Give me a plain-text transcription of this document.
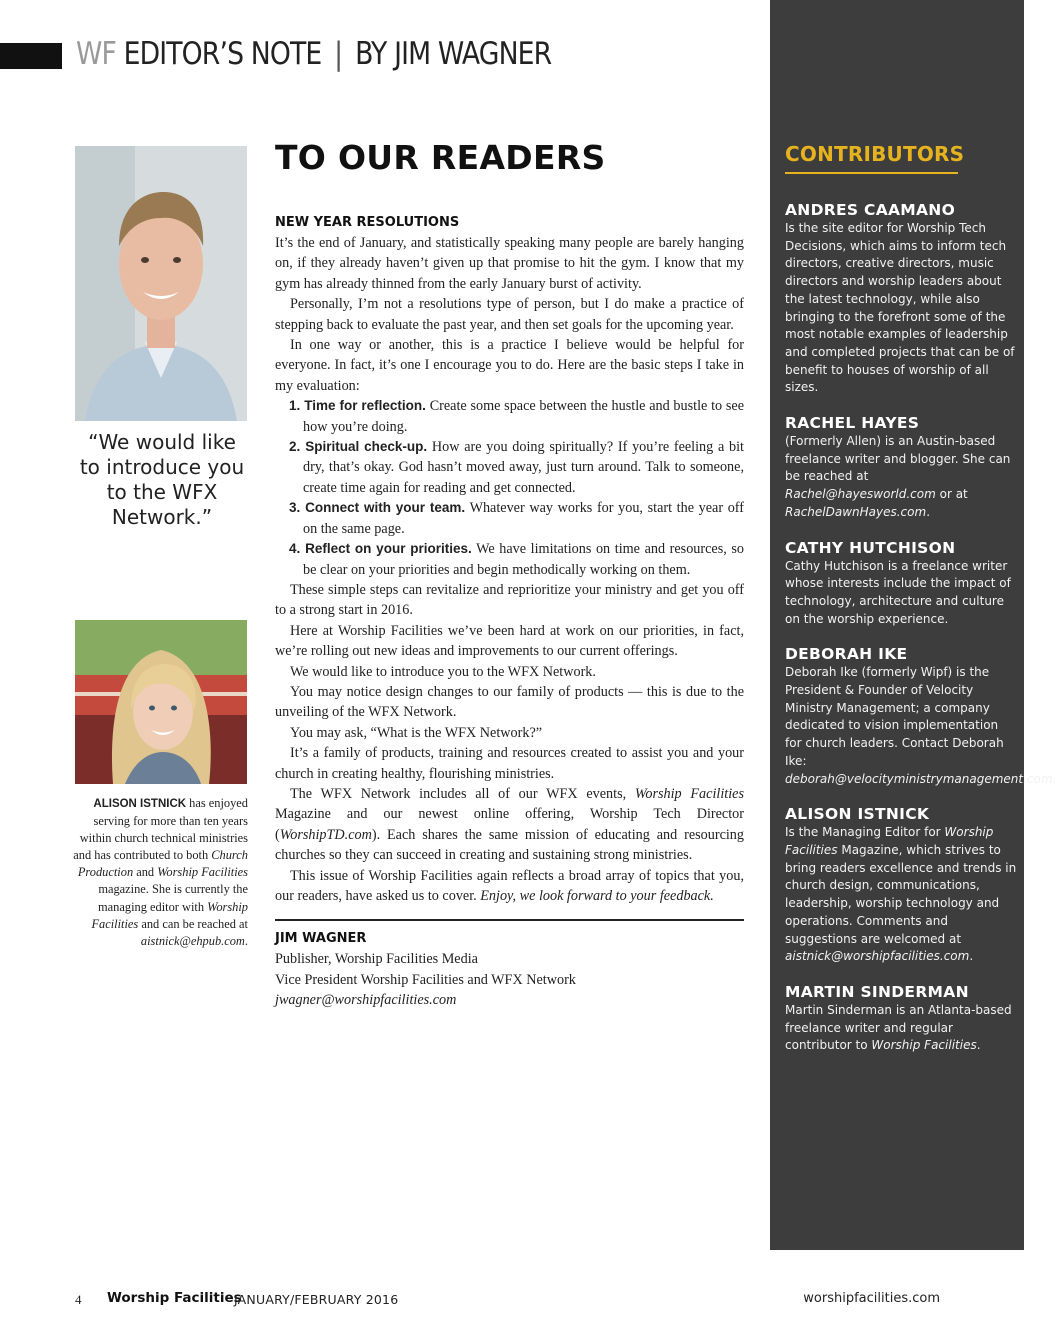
WF EDITOR’S NOTE | BY JIM WAGNER
“We would like to introduce you to the WFX Network.”
ALISON ISTNICK has enjoyed serving for more than ten years within church technical ministries and has contributed to both Church Production and Worship Facilities magazine. She is currently the managing editor with Worship Facilities and can be reached at aistnick@ehpub.com.
TO OUR READERS
NEW YEAR RESOLUTIONS

It’s the end of January, and statistically speaking many people are barely hanging on, if they already haven’t given up that promise to hit the gym. I know that my gym has already thinned from the early January burst of activity.

Personally, I’m not a resolutions type of person, but I do make a practice of stepping back to evaluate the past year, and then set goals for the upcoming year.

In one way or another, this is a practice I believe would be helpful for everyone. In fact, it’s one I encourage you to do. Here are the basic steps I take in my evaluation:

1. Time for reflection. Create some space between the hustle and bustle to see how you’re doing.
2. Spiritual check-up. How are you doing spiritually? If you’re feeling a bit dry, that’s okay. God hasn’t moved away, just turn around. Talk to someone, create time again for reading and get connected.
3. Connect with your team. Whatever way works for you, start the year off on the same page.
4. Reflect on your priorities. We have limitations on time and resources, so be clear on your priorities and begin methodically working on them.

These simple steps can revitalize and reprioritize your ministry and get you off to a strong start in 2016.

Here at Worship Facilities we’ve been hard at work on our priorities, in fact, we’re rolling out new ideas and improvements to our current offerings.

We would like to introduce you to the WFX Network.

You may notice design changes to our family of products — this is due to the unveiling of the WFX Network.

You may ask, “What is the WFX Network?”

It’s a family of products, training and resources created to assist you and your church in creating healthy, flourishing ministries.

The WFX Network includes all of our WFX events, Worship Facilities Magazine and our newest online offering, Worship Tech Director (WorshipTD.com). Each shares the same mission of educating and resourcing churches so they can succeed in creating and sustaining strong ministries.

This issue of Worship Facilities again reflects a broad array of topics that you, our readers, have asked us to cover. Enjoy, we look forward to your feedback.

JIM WAGNER
Publisher, Worship Facilities Media
Vice President Worship Facilities and WFX Network
jwagner@worshipfacilities.com
CONTRIBUTORS
ANDRES CAAMANO
Is the site editor for Worship Tech Decisions, which aims to inform tech directors, creative directors, music directors and worship leaders about the latest technology, while also bringing to the forefront some of the most notable examples of leadership and completed projects that can be of benefit to houses of worship of all sizes.
RACHEL HAYES
(Formerly Allen) is an Austin-based freelance writer and blogger. She can be reached at Rachel@hayesworld.com or at RachelDawnHayes.com.
CATHY HUTCHISON
Cathy Hutchison is a freelance writer whose interests include the impact of technology, architecture and culture on the worship experience.
DEBORAH IKE
Deborah Ike (formerly Wipf) is the President & Founder of Velocity Ministry Management; a company dedicated to vision implementation for church leaders. Contact Deborah Ike: deborah@velocityministrymanagement.com.
ALISON ISTNICK
Is the Managing Editor for Worship Facilities Magazine, which strives to bring readers excellence and trends in church design, communications, leadership, worship technology and operations. Comments and suggestions are welcomed at aistnick@worshipfacilities.com.
MARTIN SINDERMAN
Martin Sinderman is an Atlanta-based freelance writer and regular contributor to Worship Facilities.
4 Worship Facilities
JANUARY/FEBRUARY 2016	worshipfacilities.com
